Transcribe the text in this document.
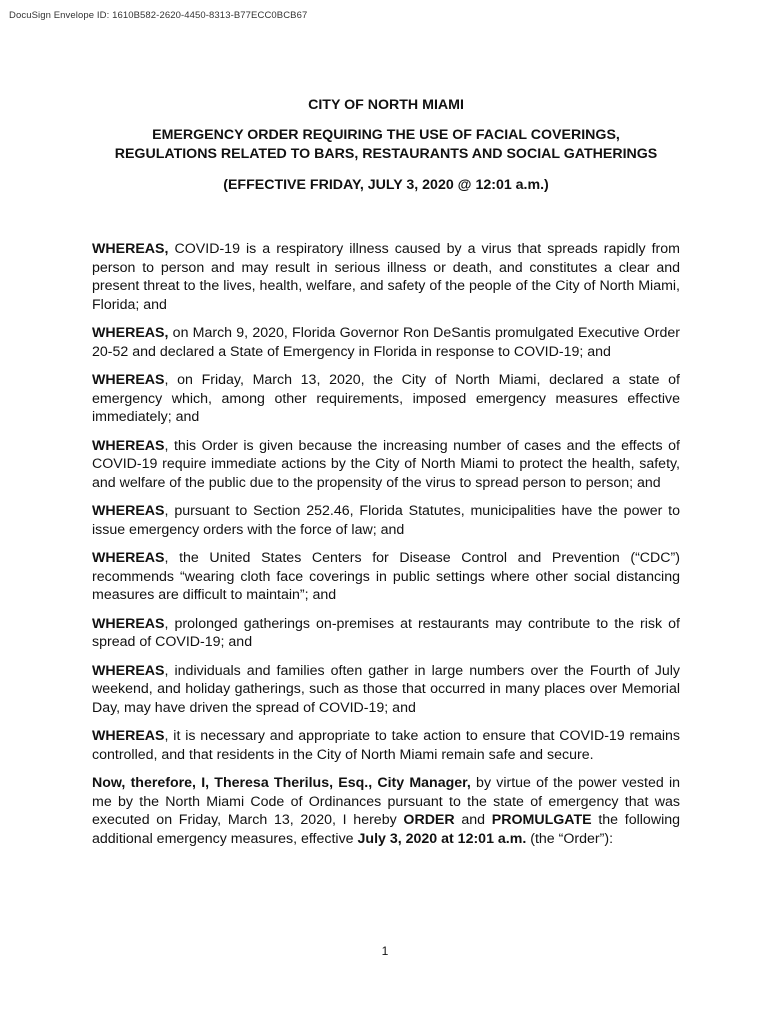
DocuSign Envelope ID: 1610B582-2620-4450-8313-B77ECC0BCB67

CITY OF NORTH MIAMI

EMERGENCY ORDER REQUIRING THE USE OF FACIAL COVERINGS,

REGULATIONS RELATED TO BARS, RESTAURANTS AND SOCIAL GATHERINGS

(EFFECTIVE FRIDAY, JULY 3, 2020 @ 12:01 a.m.)

WHEREAS, COVID-19 is a respiratory illness caused by a virus that spreads rapidly from person to person and may result in serious illness or death, and constitutes a clear and present threat to the lives, health, welfare, and safety of the people of the City of North Miami, Florida; and

WHEREAS, on March 9, 2020, Florida Governor Ron DeSantis promulgated Executive Order 20-52 and declared a State of Emergency in Florida in response to COVID-19; and

WHEREAS, on Friday, March 13, 2020, the City of North Miami, declared a state of emergency which, among other requirements, imposed emergency measures effective immediately; and

WHEREAS, this Order is given because the increasing number of cases and the effects of COVID-19 require immediate actions by the City of North Miami to protect the health, safety, and welfare of the public due to the propensity of the virus to spread person to person; and

WHEREAS, pursuant to Section 252.46, Florida Statutes, municipalities have the power to issue emergency orders with the force of law; and

WHEREAS, the United States Centers for Disease Control and Prevention (“CDC”) recommends “wearing cloth face coverings in public settings where other social distancing measures are difficult to maintain”; and

WHEREAS, prolonged gatherings on-premises at restaurants may contribute to the risk of spread of COVID-19; and

WHEREAS, individuals and families often gather in large numbers over the Fourth of July weekend, and holiday gatherings, such as those that occurred in many places over Memorial Day, may have driven the spread of COVID-19; and

WHEREAS, it is necessary and appropriate to take action to ensure that COVID-19 remains controlled, and that residents in the City of North Miami remain safe and secure.

Now, therefore, I, Theresa Therilus, Esq., City Manager, by virtue of the power vested in me by the North Miami Code of Ordinances pursuant to the state of emergency that was executed on Friday, March 13, 2020, I hereby ORDER and PROMULGATE the following additional emergency measures, effective July 3, 2020 at 12:01 a.m. (the “Order”):

1
